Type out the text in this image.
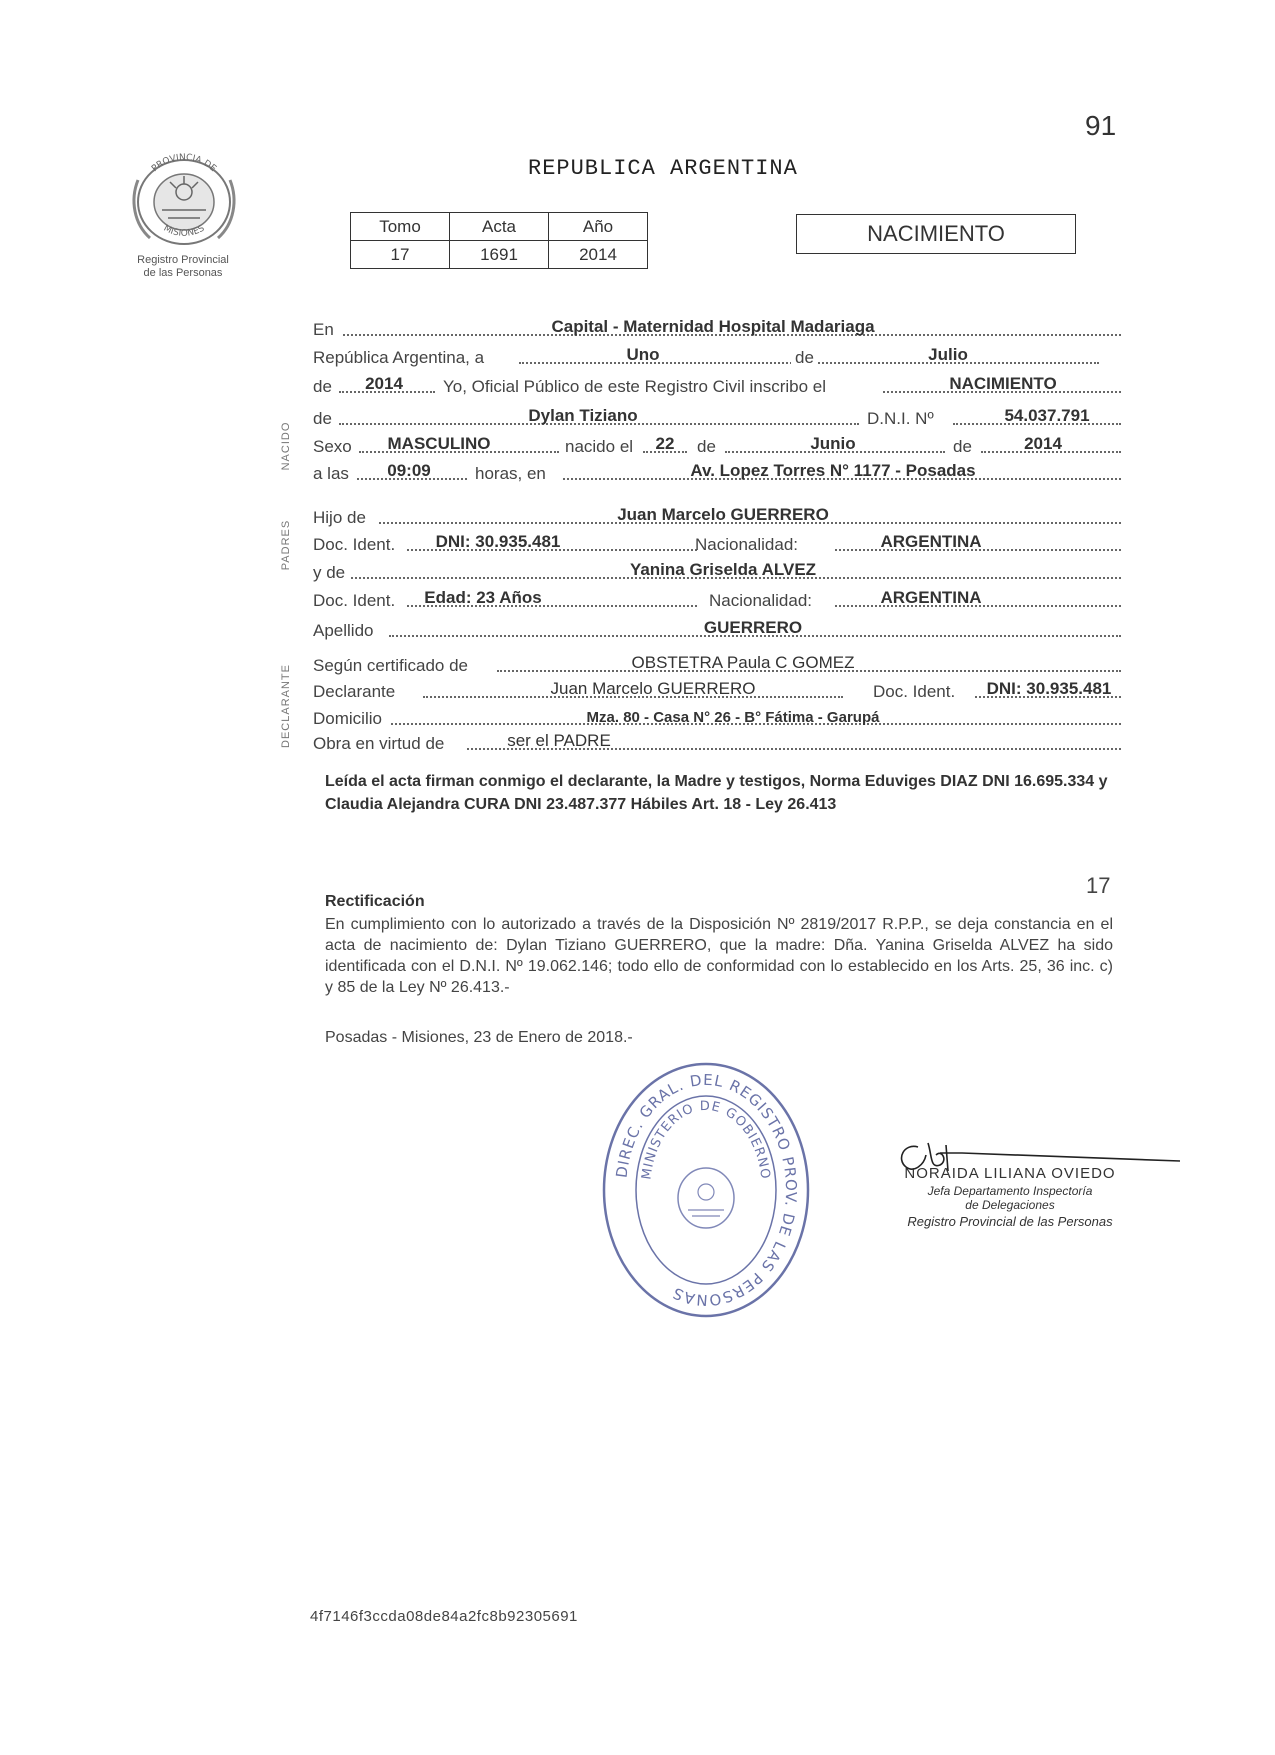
91
PROVINCIA DE
MISIONES
Registro Provincial
de las Personas
REPUBLICA ARGENTINA
Tomo	Acta	Año
17	1691	2014
NACIMIENTO
NACIDO
PADRES
DECLARANTE
En	Capital - Maternidad Hospital Madariaga
República Argentina, a	Uno	de	Julio
de	2014	Yo, Oficial Público de este Registro Civil inscribo el	NACIMIENTO
de	Dylan Tiziano	D.N.I. Nº	54.037.791
Sexo	MASCULINO	nacido el	22	de	Junio	de	2014
a las	09:09	horas, en	Av. Lopez Torres N° 1177 - Posadas
Hijo de	Juan Marcelo GUERRERO
Doc. Ident.	DNI: 30.935.481	Nacionalidad:	ARGENTINA
y de	Yanina Griselda ALVEZ
Doc. Ident.	Edad: 23 Años	Nacionalidad:	ARGENTINA
Apellido	GUERRERO
Según certificado de	OBSTETRA Paula C GOMEZ
Declarante	Juan Marcelo GUERRERO	Doc. Ident.	DNI: 30.935.481
Domicilio	Mza. 80 - Casa N° 26 - B° Fátima - Garupá
Obra en virtud de	ser el PADRE
Leída el acta firman conmigo el declarante, la Madre y testigos, Norma Eduviges DIAZ DNI 16.695.334 y Claudia Alejandra CURA DNI 23.487.377 Hábiles Art. 18 - Ley 26.413
17
Rectificación
En cumplimiento con lo autorizado a través de la Disposición Nº 2819/2017 R.P.P., se deja constancia en el acta de nacimiento de: Dylan Tiziano GUERRERO, que la madre: Dña. Yanina Griselda ALVEZ ha sido identificada con el D.N.I. Nº 19.062.146; todo ello de conformidad con lo establecido en los Arts. 25, 36 inc. c) y 85 de la Ley Nº 26.413.-
Posadas - Misiones, 23 de Enero de 2018.-
DIREC. GRAL. DEL REGISTRO PROV. DE LAS PERSONAS
MINISTERIO DE GOBIERNO	NORAIDA LILIANA OVIEDO
Jefa Departamento Inspectoría
de Delegaciones
Registro Provincial de las Personas
4f7146f3ccda08de84a2fc8b92305691
